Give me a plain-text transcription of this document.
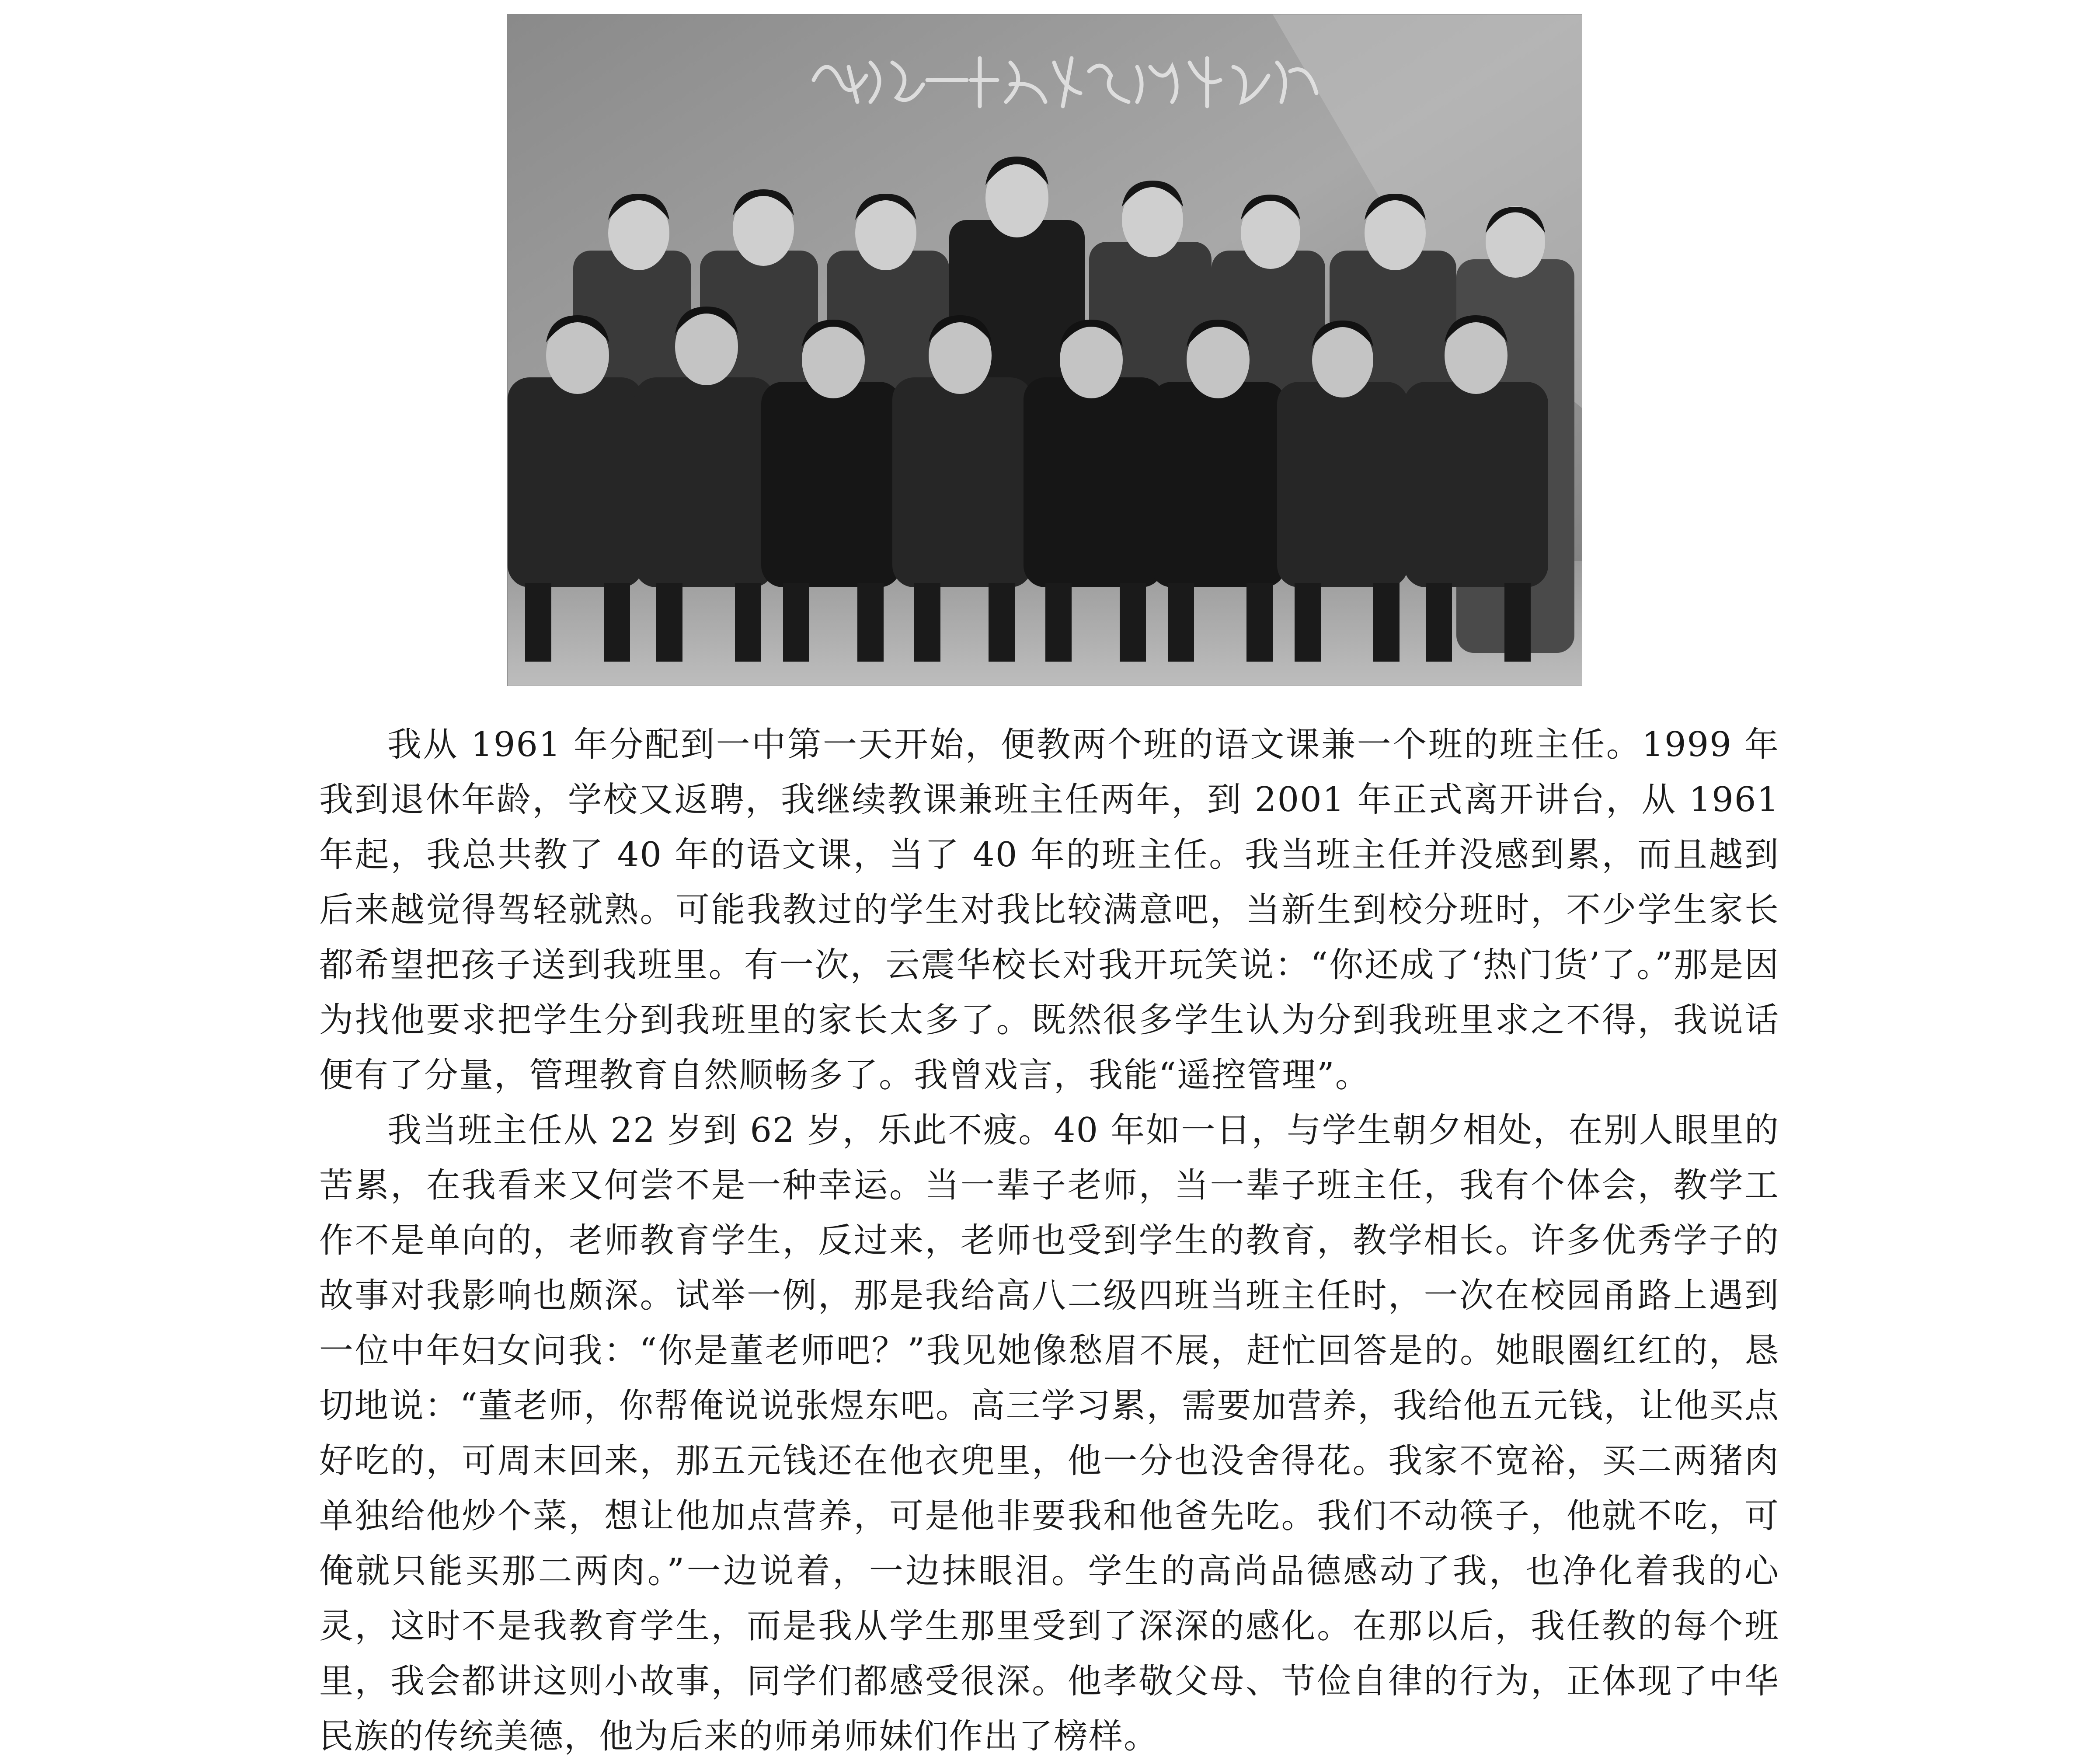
我从 1961 年分配到一中第一天开始，便教两个班的语文课兼一个班的班主任。1999 年我到退休年龄，学校又返聘，我继续教课兼班主任两年，到 2001 年正式离开讲台，从 1961 年起，我总共教了 40 年的语文课，当了 40 年的班主任。我当班主任并没感到累，而且越到后来越觉得驾轻就熟。可能我教过的学生对我比较满意吧，当新生到校分班时，不少学生家长都希望把孩子送到我班里。有一次，云震华校长对我开玩笑说：“你还成了‘热门货’了。”那是因为找他要求把学生分到我班里的家长太多了。既然很多学生认为分到我班里求之不得，我说话便有了分量，管理教育自然顺畅多了。我曾戏言，我能“遥控管理”。

我当班主任从 22 岁到 62 岁，乐此不疲。40 年如一日，与学生朝夕相处，在别人眼里的苦累，在我看来又何尝不是一种幸运。当一辈子老师，当一辈子班主任，我有个体会，教学工作不是单向的，老师教育学生，反过来，老师也受到学生的教育，教学相长。许多优秀学子的故事对我影响也颇深。试举一例，那是我给高八二级四班当班主任时，一次在校园甬路上遇到一位中年妇女问我：“你是董老师吧？”我见她像愁眉不展，赶忙回答是的。她眼圈红红的，恳切地说：“董老师，你帮俺说说张煜东吧。高三学习累，需要加营养，我给他五元钱，让他买点好吃的，可周末回来，那五元钱还在他衣兜里，他一分也没舍得花。我家不宽裕，买二两猪肉单独给他炒个菜，想让他加点营养，可是他非要我和他爸先吃。我们不动筷子，他就不吃，可俺就只能买那二两肉。”一边说着，一边抹眼泪。学生的高尚品德感动了我，也净化着我的心灵，这时不是我教育学生，而是我从学生那里受到了深深的感化。在那以后，我任教的每个班里，我会都讲这则小故事，同学们都感受很深。他孝敬父母、节俭自律的行为，正体现了中华民族的传统美德，他为后来的师弟师妹们作出了榜样。
